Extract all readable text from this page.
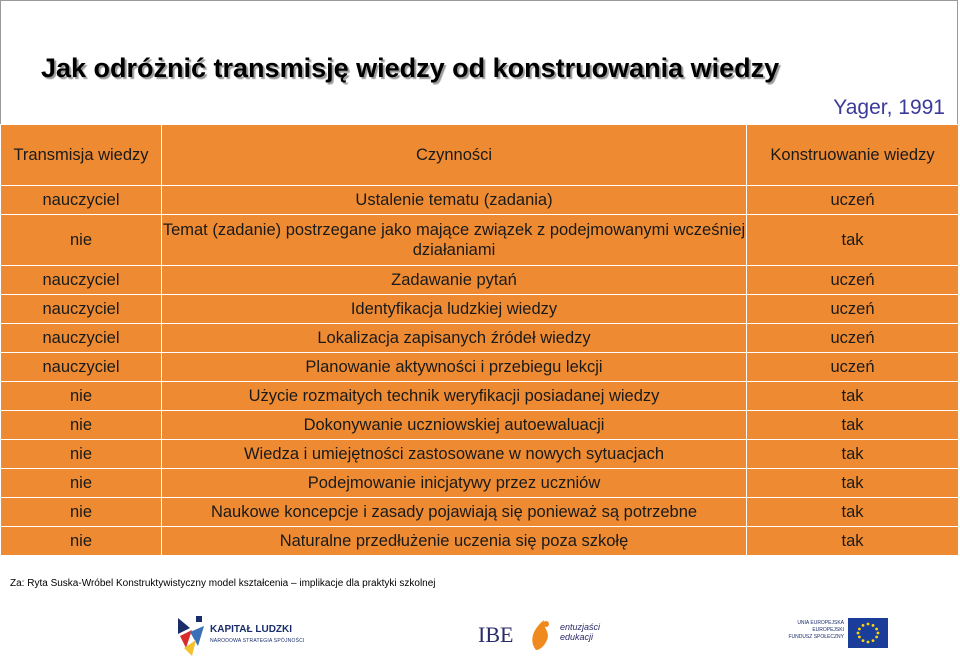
Jak odróżnić transmisję wiedzy od konstruowania wiedzy
Yager, 1991
Transmisja wiedzy	Czynności	Konstruowanie wiedzy
nauczyciel	Ustalenie tematu (zadania)	uczeń
nie	Temat (zadanie) postrzegane jako mające związek z podejmowanymi wcześniej działaniami	tak
nauczyciel	Zadawanie pytań	uczeń
nauczyciel	Identyfikacja ludzkiej wiedzy	uczeń
nauczyciel	Lokalizacja zapisanych źródeł wiedzy	uczeń
nauczyciel	Planowanie aktywności i przebiegu lekcji	uczeń
nie	Użycie rozmaitych technik weryfikacji posiadanej wiedzy	tak
nie	Dokonywanie uczniowskiej autoewaluacji	tak
nie	Wiedza i umiejętności zastosowane w nowych sytuacjach	tak
nie	Podejmowanie inicjatywy przez uczniów	tak
nie	Naukowe koncepcje i zasady pojawiają się ponieważ są potrzebne	tak
nie	Naturalne przedłużenie uczenia się poza szkołę	tak
Za: Ryta Suska-Wróbel Konstruktywistyczny model kształcenia – implikacje dla praktyki szkolnej
KAPITAŁ LUDZKI
NARODOWA STRATEGIA SPÓJNOŚCI	IBE	entuzjaści
edukacji
UNIA EUROPEJSKA
EUROPEJSKI
FUNDUSZ SPOŁECZNY
